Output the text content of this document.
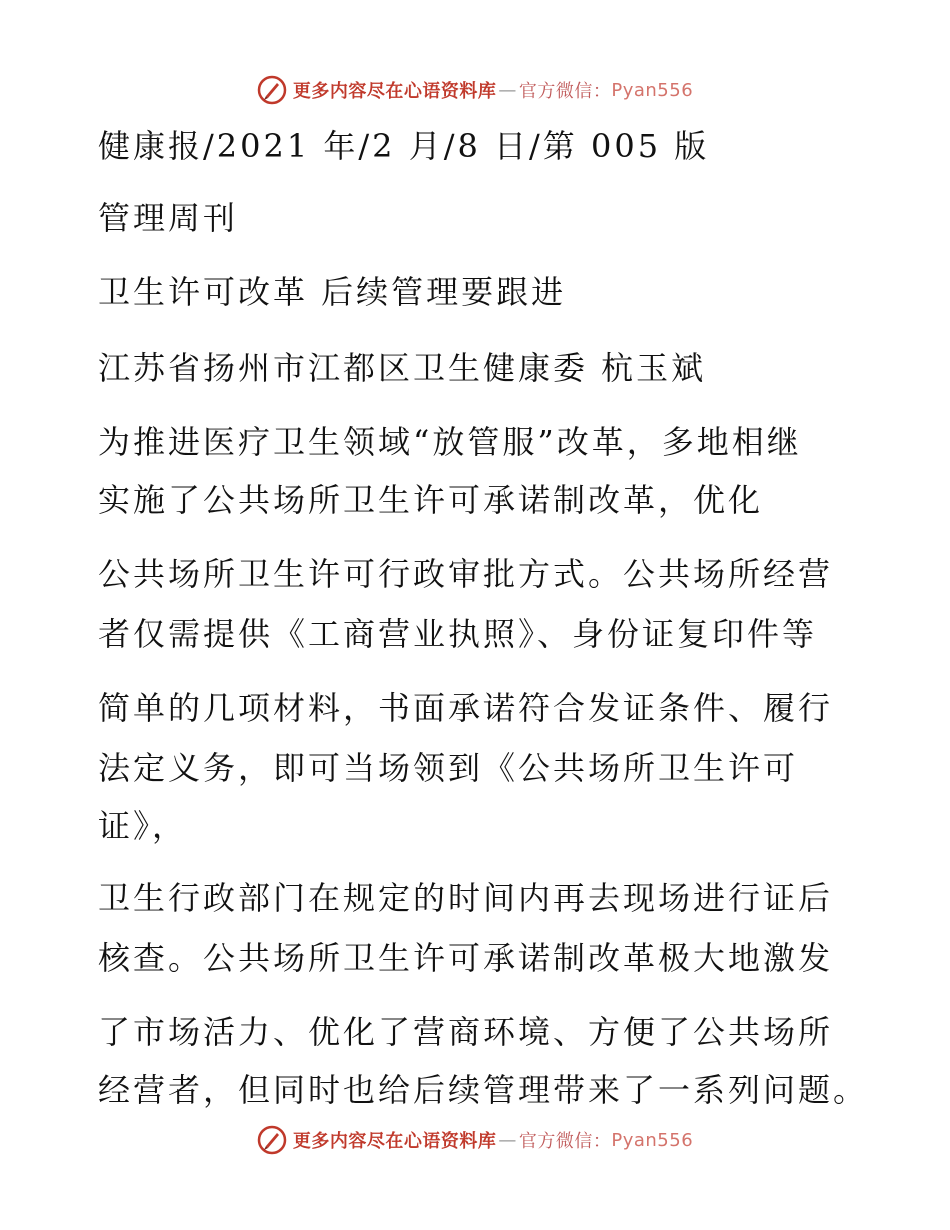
更多内容尽在心语资料库 — 官方微信： Pyan556
健康报/2021 年/2 月/8 日/第 005 版
管理周刊
卫生许可改革 后续管理要跟进
江苏省扬州市江都区卫生健康委 杭玉斌
为推进医疗卫生领域“放管服”改革，多地相继
实施了公共场所卫生许可承诺制改革，优化
公共场所卫生许可行政审批方式。公共场所经营
者仅需提供《工商营业执照》、身份证复印件等
简单的几项材料，书面承诺符合发证条件、履行
法定义务，即可当场领到《公共场所卫生许可
证》，
卫生行政部门在规定的时间内再去现场进行证后
核查。公共场所卫生许可承诺制改革极大地激发
了市场活力、优化了营商环境、方便了公共场所
经营者，但同时也给后续管理带来了一系列问题。
更多内容尽在心语资料库 — 官方微信： Pyan556
